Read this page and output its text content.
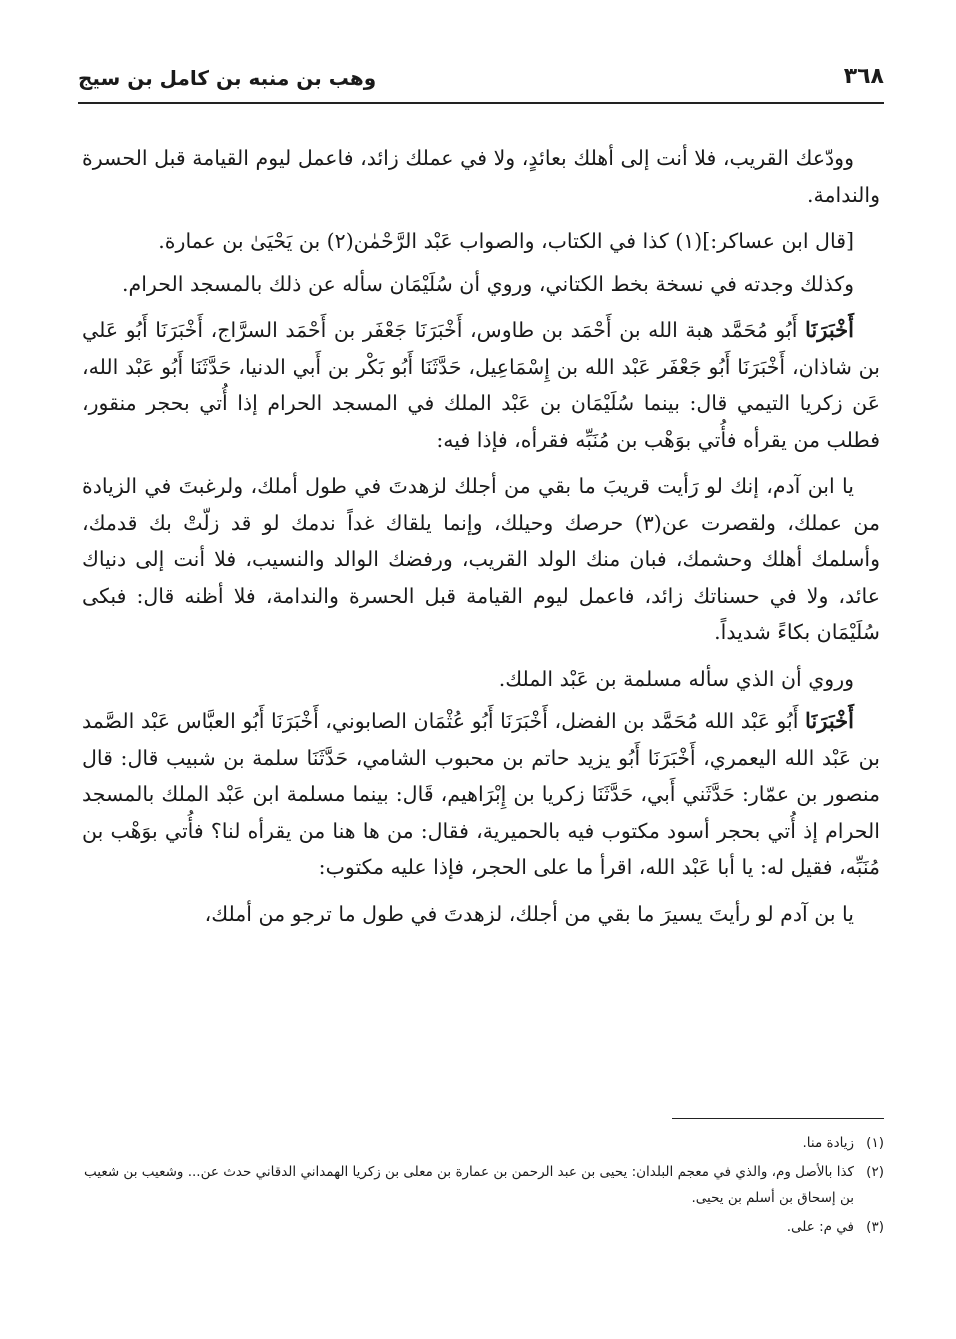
٣٦٨
وهب بن منبه بن كامل بن سيج

وودّعك القريب، فلا أنت إلى أهلك بعائدٍ، ولا في عملك زائد، فاعمل ليوم القيامة قبل الحسرة والندامة.

[قال ابن عساكر:](١) كذا في الكتاب، والصواب عَبْد الرَّحْمٰن(٢) بن يَحْيَىٰ بن عمارة.

وكذلك وجدته في نسخة بخط الكتاني، وروي أن سُلَيْمَان سأله عن ذلك بالمسجد الحرام.

أَخْبَرَنَا أَبُو مُحَمَّد هبة الله بن أَحْمَد بن طاوس، أَخْبَرَنَا جَعْفَر بن أَحْمَد السرَّاج، أَخْبَرَنَا أَبُو عَلي بن شاذان، أَخْبَرَنَا أَبُو جَعْفَر عَبْد الله بن إِسْمَاعِيل، حَدَّثَنَا أَبُو بَكْر بن أَبي الدنيا، حَدَّثَنَا أَبُو عَبْد الله، عَن زكريا التيمي قال: بينما سُلَيْمَان بن عَبْد الملك في المسجد الحرام إذا أُتي بحجر منقور، فطلب من يقرأه فأُتي بوَهْب بن مُنَبِّه فقرأه، فإذا فيه:

يا ابن آدم، إنك لو رَأيت قريبَ ما بقي من أجلك لزهدتَ في طول أملك، ولرغبتَ في الزيادة من عملك، ولقصرت عن(٣) حرصك وحيلك، وإنما يلقاك غداً ندمك لو قد زلّتْ بك قدمك، وأسلمك أهلك وحشمك، فبان منك الولد القريب، ورفضك الوالد والنسيب، فلا أنت إلى دنياك عائد، ولا في حسناتك زائد، فاعمل ليوم القيامة قبل الحسرة والندامة، فلا أظنه قال: فبكى سُلَيْمَان بكاءً شديداً.

وروي أن الذي سأله مسلمة بن عَبْد الملك.

أَخْبَرَنَا أَبُو عَبْد الله مُحَمَّد بن الفضل، أَخْبَرَنَا أَبُو عُثْمَان الصابوني، أَخْبَرَنَا أَبُو العبَّاس عَبْد الصَّمد بن عَبْد الله اليعمري، أَخْبَرَنَا أَبُو يزيد حاتم بن محبوب الشامي، حَدَّثَنَا سلمة بن شبيب قال: قال منصور بن عمّار: حَدَّثَني أَبي، حَدَّثَنَا زكريا بن إِبْرَاهيم، قَال: بينما مسلمة ابن عَبْد الملك بالمسجد الحرام إذ أُتي بحجر أسود مكتوب فيه بالحميرية، فقال: من ها هنا من يقرأه لنا؟ فأُتي بوَهْب بن مُنَبِّه، فقيل له: يا أبا عَبْد الله، اقرأ ما على الحجر، فإذا عليه مكتوب:

يا بن آدم لو رأيتَ يسيرَ ما بقي من أجلك، لزهدتَ في طول ما ترجو من أملك،

(١)
زيادة منا.
(٢)
كذا بالأصل وم، والذي في معجم البلدان: يحيى بن عبد الرحمن بن عمارة بن معلى بن زكريا الهمداني الدقاني حدث عن... وشعيب بن شعيب بن إسحاق بن أسلم بن يحيى.
(٣)
في م: على.
